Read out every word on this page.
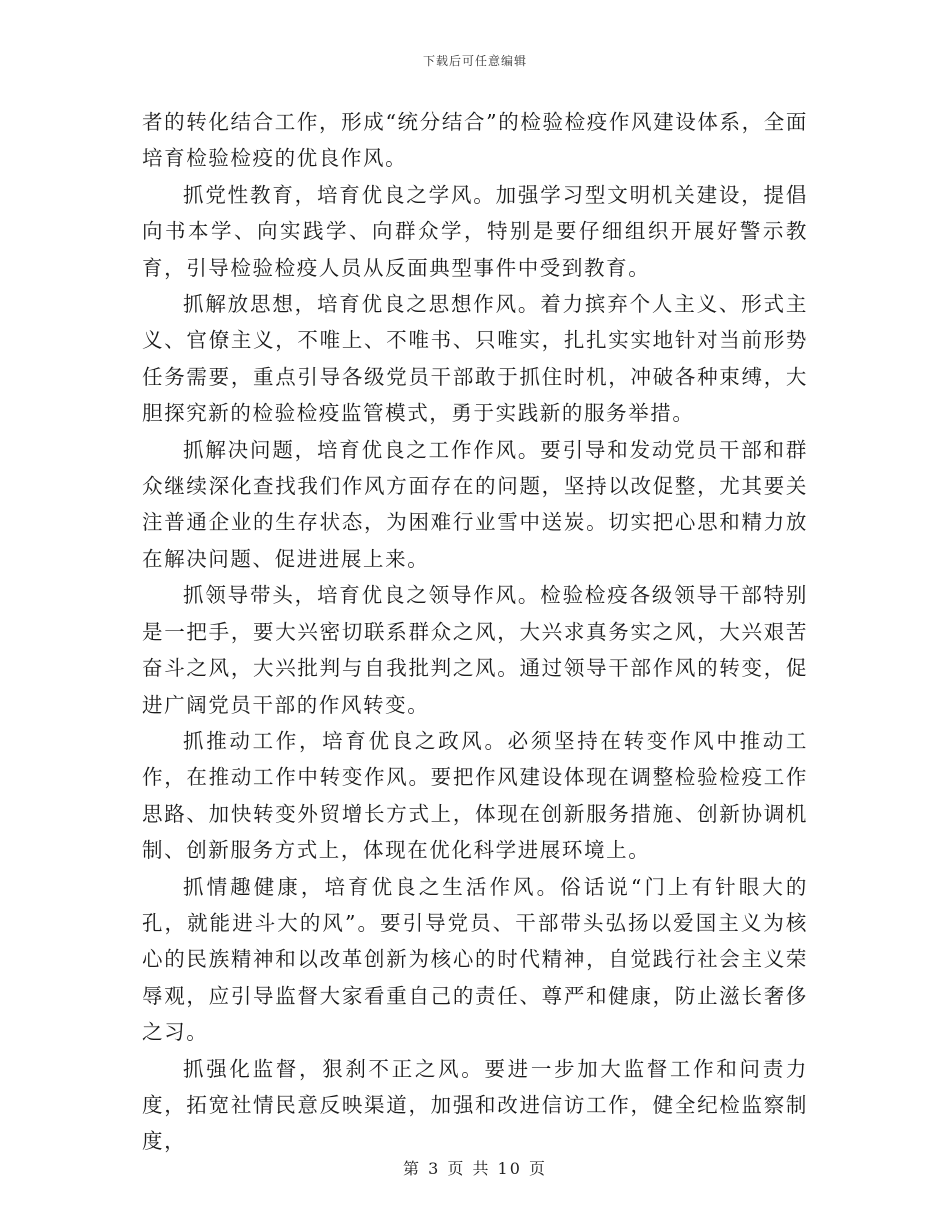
下载后可任意编辑

者的转化结合工作，形成“统分结合”的检验检疫作风建设体系，全面培育检验检疫的优良作风。

抓党性教育，培育优良之学风。加强学习型文明机关建设，提倡向书本学、向实践学、向群众学，特别是要仔细组织开展好警示教育，引导检验检疫人员从反面典型事件中受到教育。

抓解放思想，培育优良之思想作风。着力摈弃个人主义、形式主义、官僚主义，不唯上、不唯书、只唯实，扎扎实实地针对当前形势任务需要，重点引导各级党员干部敢于抓住时机，冲破各种束缚，大胆探究新的检验检疫监管模式，勇于实践新的服务举措。

抓解决问题，培育优良之工作作风。要引导和发动党员干部和群众继续深化查找我们作风方面存在的问题，坚持以改促整，尤其要关注普通企业的生存状态，为困难行业雪中送炭。切实把心思和精力放在解决问题、促进进展上来。

抓领导带头，培育优良之领导作风。检验检疫各级领导干部特别是一把手，要大兴密切联系群众之风，大兴求真务实之风，大兴艰苦奋斗之风，大兴批判与自我批判之风。通过领导干部作风的转变，促进广阔党员干部的作风转变。

抓推动工作，培育优良之政风。必须坚持在转变作风中推动工作，在推动工作中转变作风。要把作风建设体现在调整检验检疫工作思路、加快转变外贸增长方式上，体现在创新服务措施、创新协调机制、创新服务方式上，体现在优化科学进展环境上。

抓情趣健康，培育优良之生活作风。俗话说“门上有针眼大的孔，就能进斗大的风”。要引导党员、干部带头弘扬以爱国主义为核心的民族精神和以改革创新为核心的时代精神，自觉践行社会主义荣辱观，应引导监督大家看重自己的责任、尊严和健康，防止滋长奢侈之习。

抓强化监督，狠刹不正之风。要进一步加大监督工作和问责力度，拓宽社情民意反映渠道，加强和改进信访工作，健全纪检监察制度，

第 3 页 共 10 页
